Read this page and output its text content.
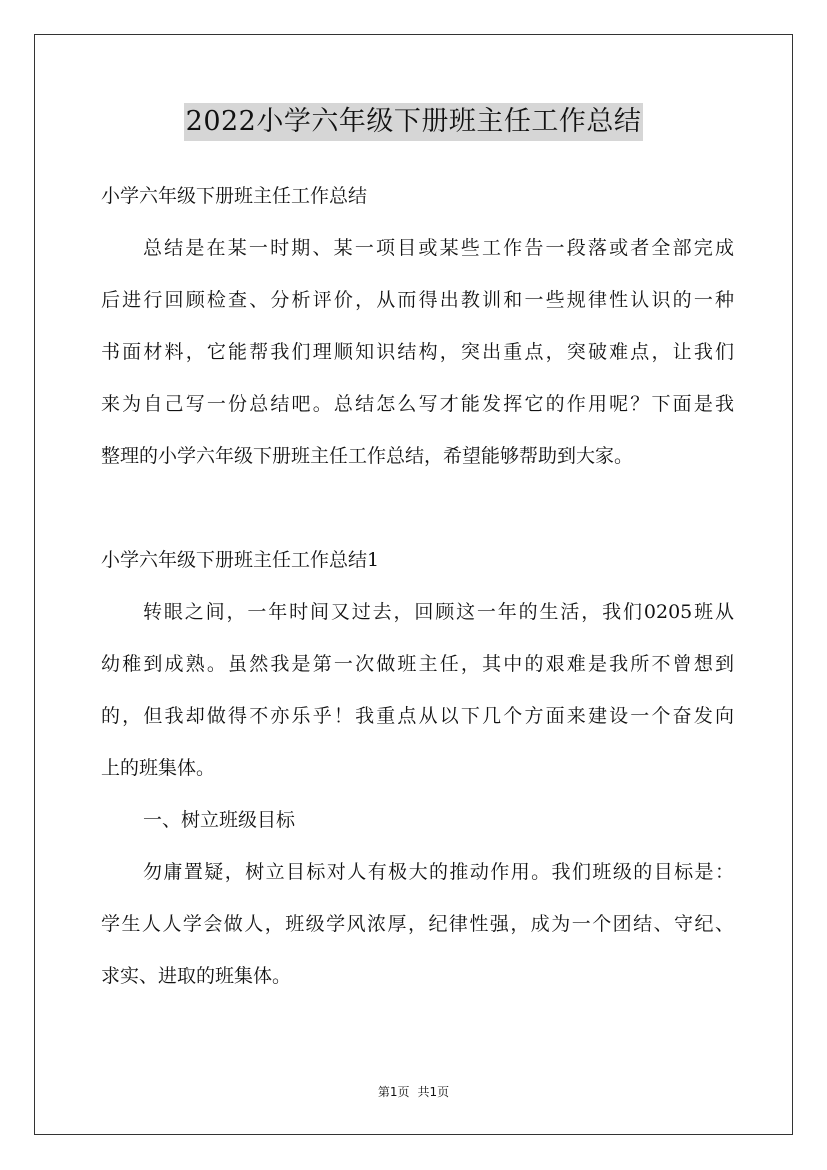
2022小学六年级下册班主任工作总结
小学六年级下册班主任工作总结
总结是在某一时期、某一项目或某些工作告一段落或者全部完成
后进行回顾检查、分析评价，从而得出教训和一些规律性认识的一种
书面材料，它能帮我们理顺知识结构，突出重点，突破难点，让我们
来为自己写一份总结吧。总结怎么写才能发挥它的作用呢？下面是我
整理的小学六年级下册班主任工作总结，希望能够帮助到大家。
小学六年级下册班主任工作总结1
转眼之间，一年时间又过去，回顾这一年的生活，我们0205班从
幼稚到成熟。虽然我是第一次做班主任，其中的艰难是我所不曾想到
的，但我却做得不亦乐乎！我重点从以下几个方面来建设一个奋发向
上的班集体。
一、树立班级目标
勿庸置疑，树立目标对人有极大的推动作用。我们班级的目标是：
学生人人学会做人，班级学风浓厚，纪律性强，成为一个团结、守纪、
求实、进取的班集体。
第1页 共1页
